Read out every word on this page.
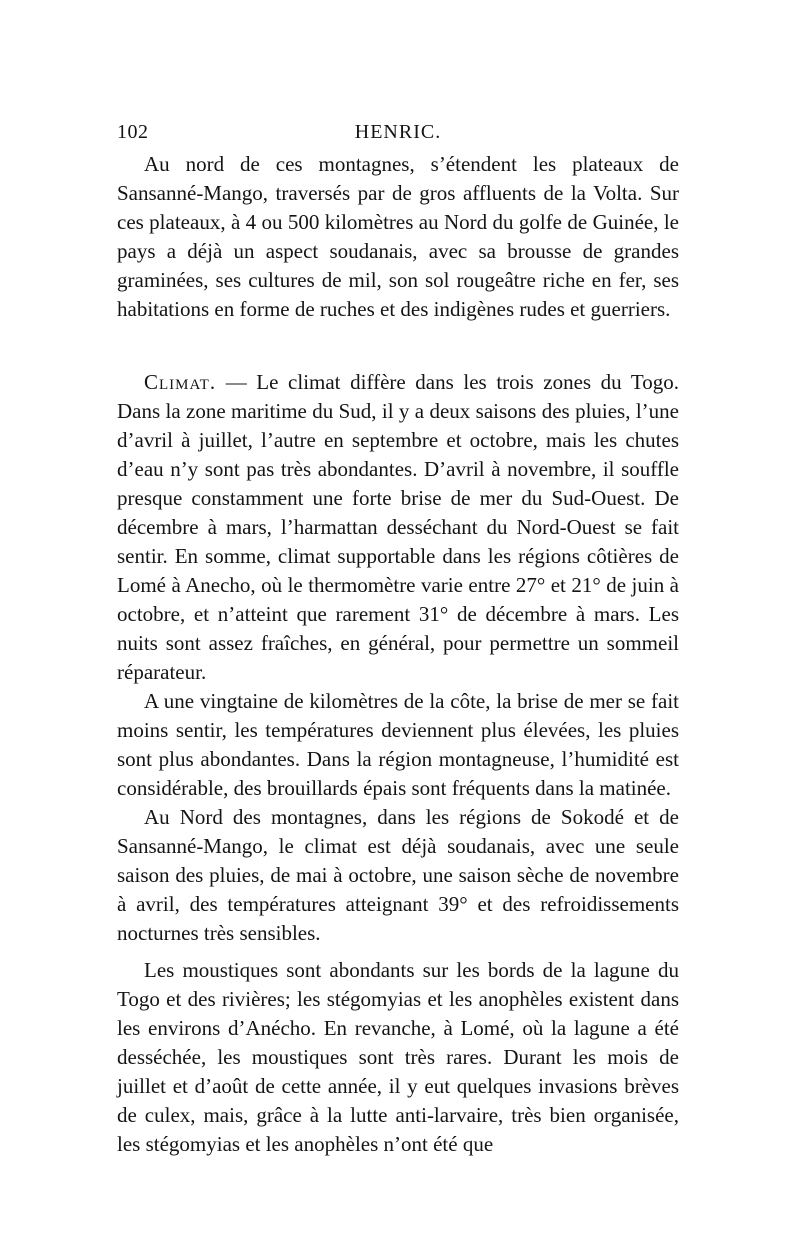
102	HENRIC.

Au nord de ces montagnes, s’étendent les plateaux de Sansanné-Mango, traversés par de gros affluents de la Volta. Sur ces plateaux, à 4 ou 500 kilomètres au Nord du golfe de Guinée, le pays a déjà un aspect soudanais, avec sa brousse de grandes graminées, ses cultures de mil, son sol rougeâtre riche en fer, ses habitations en forme de ruches et des indigènes rudes et guerriers.

Climat. — Le climat diffère dans les trois zones du Togo. Dans la zone maritime du Sud, il y a deux saisons des pluies, l’une d’avril à juillet, l’autre en septembre et octobre, mais les chutes d’eau n’y sont pas très abondantes. D’avril à novembre, il souffle presque constamment une forte brise de mer du Sud-Ouest. De décembre à mars, l’harmattan desséchant du Nord-Ouest se fait sentir. En somme, climat supportable dans les régions côtières de Lomé à Anecho, où le thermomètre varie entre 27° et 21° de juin à octobre, et n’atteint que rarement 31° de décembre à mars. Les nuits sont assez fraîches, en général, pour permettre un sommeil réparateur.

A une vingtaine de kilomètres de la côte, la brise de mer se fait moins sentir, les températures deviennent plus élevées, les pluies sont plus abondantes. Dans la région montagneuse, l’humidité est considérable, des brouillards épais sont fréquents dans la matinée.

Au Nord des montagnes, dans les régions de Sokodé et de Sansanné-Mango, le climat est déjà soudanais, avec une seule saison des pluies, de mai à octobre, une saison sèche de novembre à avril, des températures atteignant 39° et des refroidissements nocturnes très sensibles.

Les moustiques sont abondants sur les bords de la lagune du Togo et des rivières; les stégomyias et les anophèles existent dans les environs d’Anécho. En revanche, à Lomé, où la lagune a été desséchée, les moustiques sont très rares. Durant les mois de juillet et d’août de cette année, il y eut quelques invasions brèves de culex, mais, grâce à la lutte anti-larvaire, très bien organisée, les stégomyias et les anophèles n’ont été que
